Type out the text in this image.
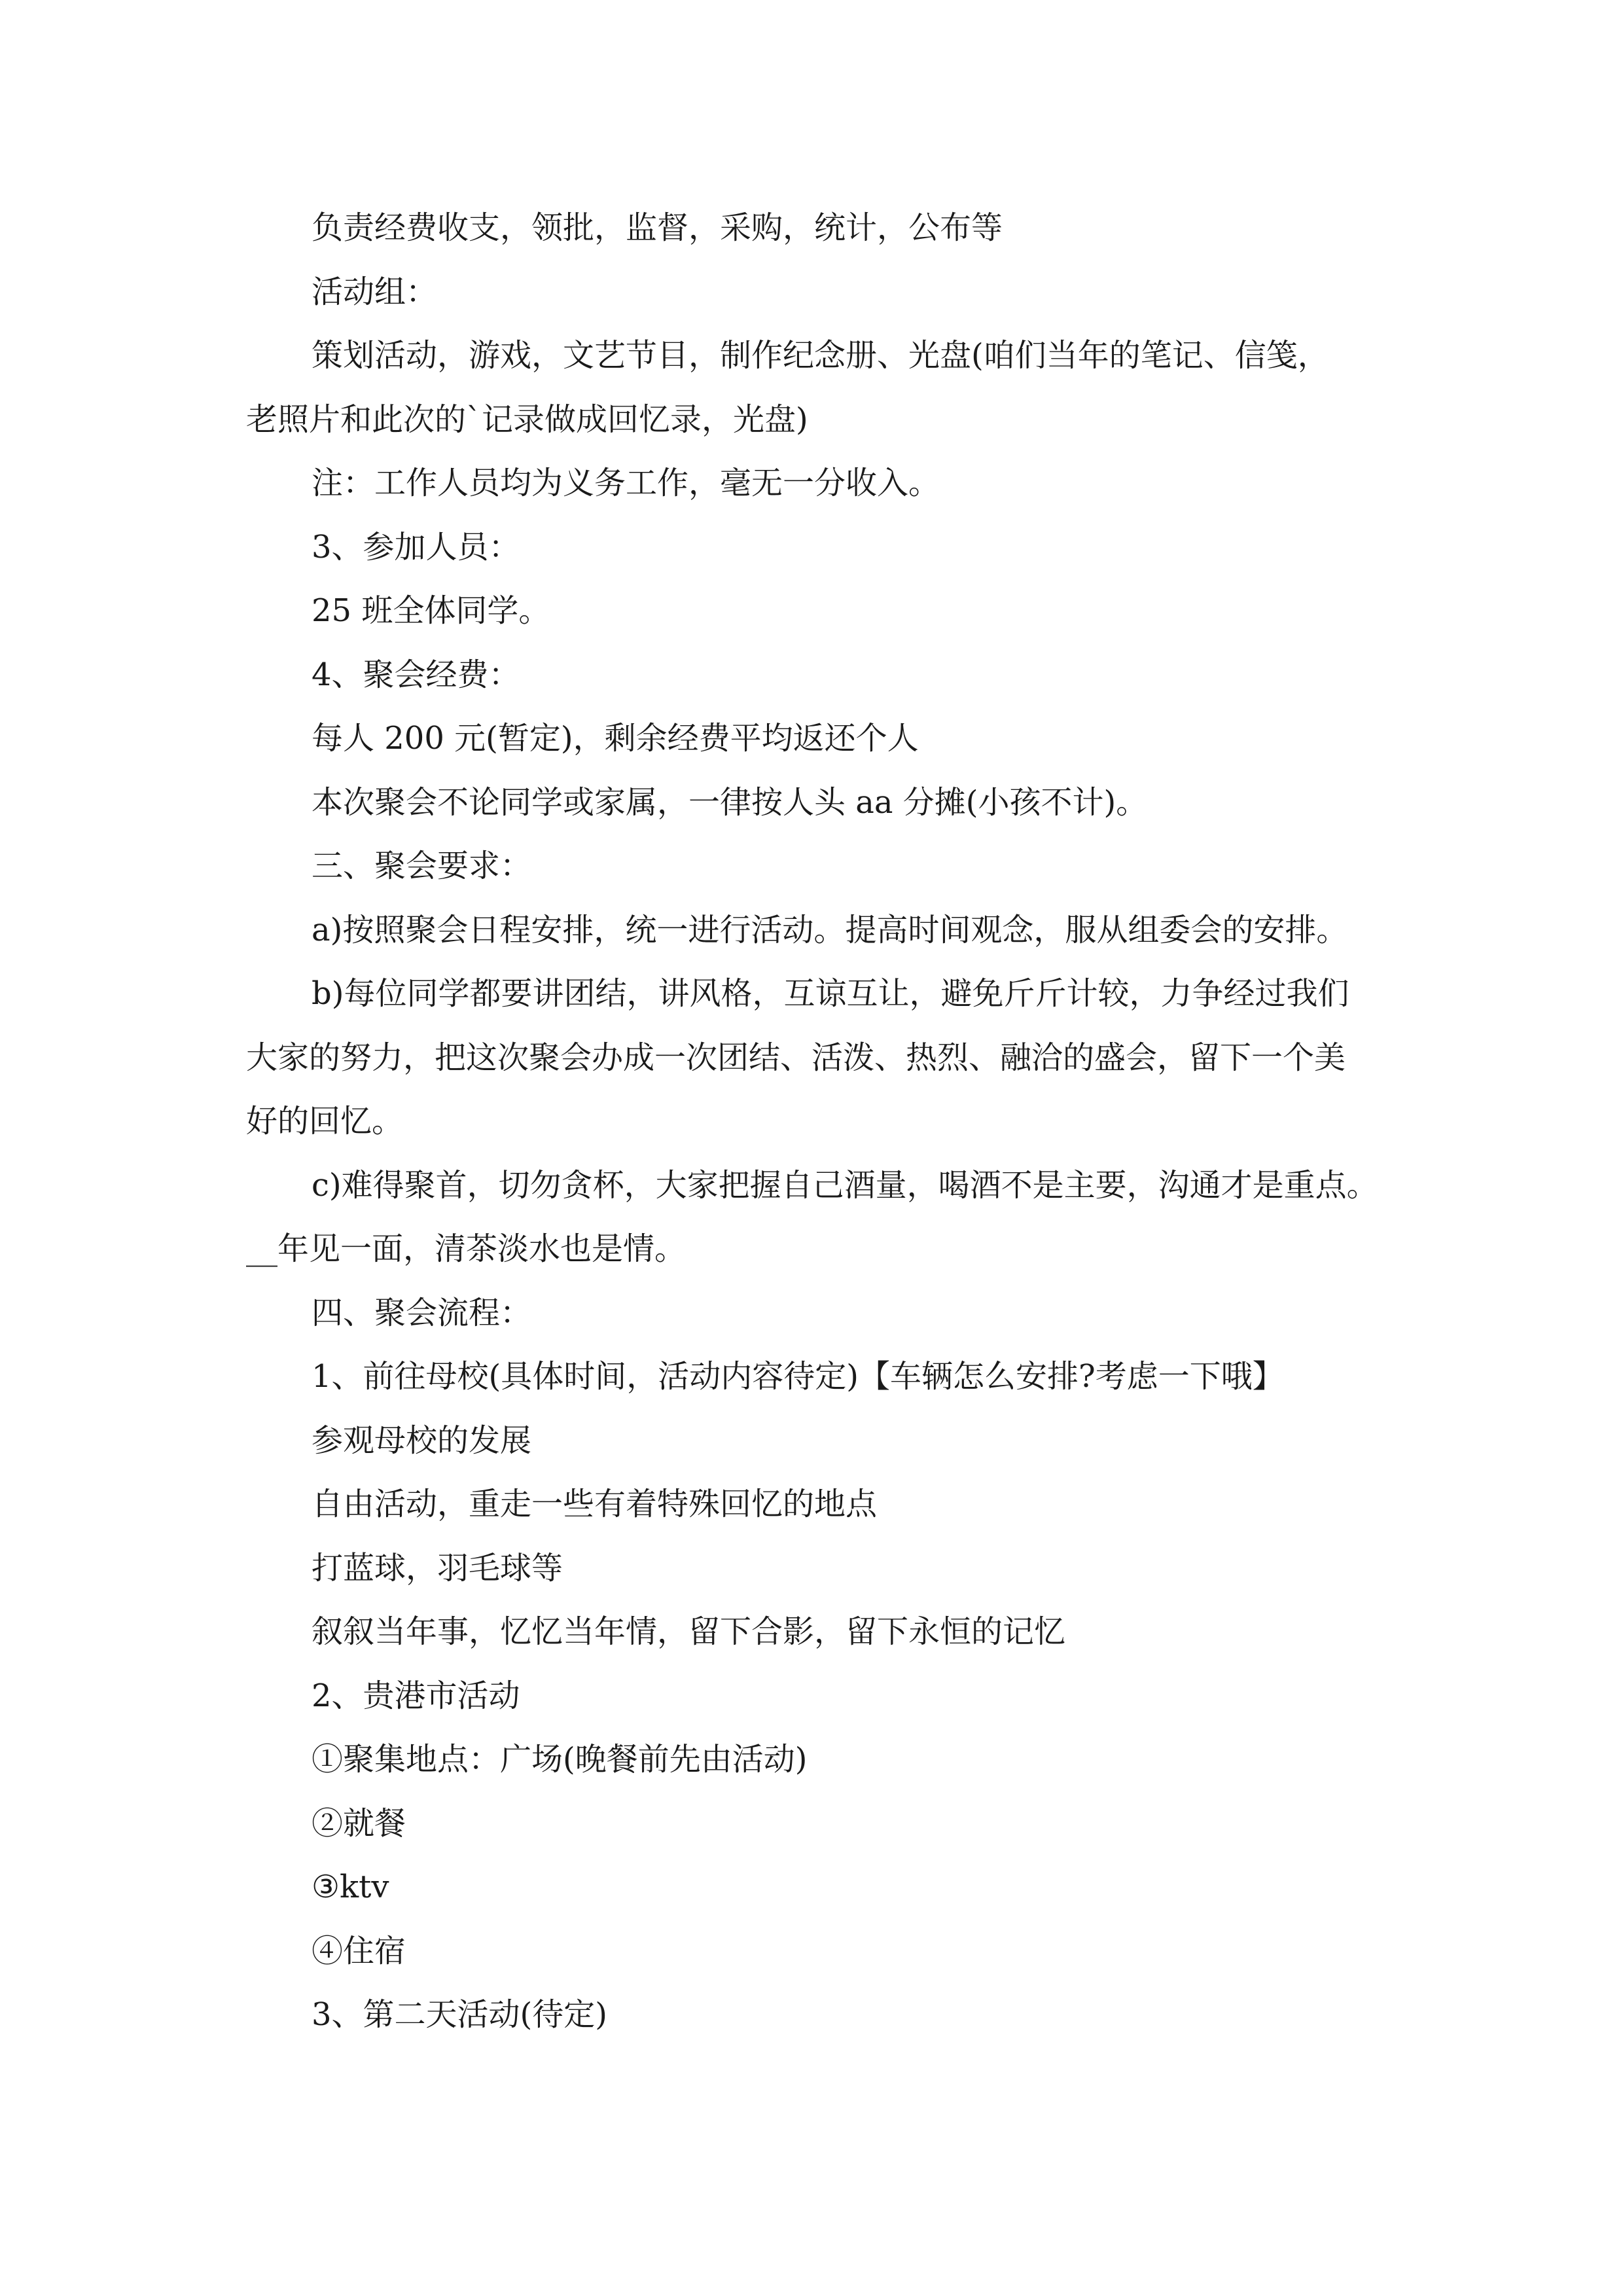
负责经费收支，领批，监督，采购，统计，公布等
活动组：
策划活动，游戏，文艺节目，制作纪念册、光盘(咱们当年的笔记、信笺，
老照片和此次的`记录做成回忆录，光盘)
注：工作人员均为义务工作，毫无一分收入。
3、参加人员：
25 班全体同学。
4、聚会经费：
每人 200 元(暂定)，剩余经费平均返还个人
本次聚会不论同学或家属，一律按人头 aa 分摊(小孩不计)。
三、聚会要求：
a)按照聚会日程安排，统一进行活动。提高时间观念，服从组委会的安排。
b)每位同学都要讲团结，讲风格，互谅互让，避免斤斤计较，力争经过我们
大家的努力，把这次聚会办成一次团结、活泼、热烈、融洽的盛会，留下一个美
好的回忆。
c)难得聚首，切勿贪杯，大家把握自己酒量，喝酒不是主要，沟通才是重点。
__年见一面，清茶淡水也是情。
四、聚会流程：
1、前往母校(具体时间，活动内容待定)【车辆怎么安排?考虑一下哦】
参观母校的发展
自由活动，重走一些有着特殊回忆的地点
打蓝球，羽毛球等
叙叙当年事，忆忆当年情，留下合影，留下永恒的记忆
2、贵港市活动
①聚集地点：广场(晚餐前先由活动)
②就餐
③ktv
④住宿
3、第二天活动(待定)
